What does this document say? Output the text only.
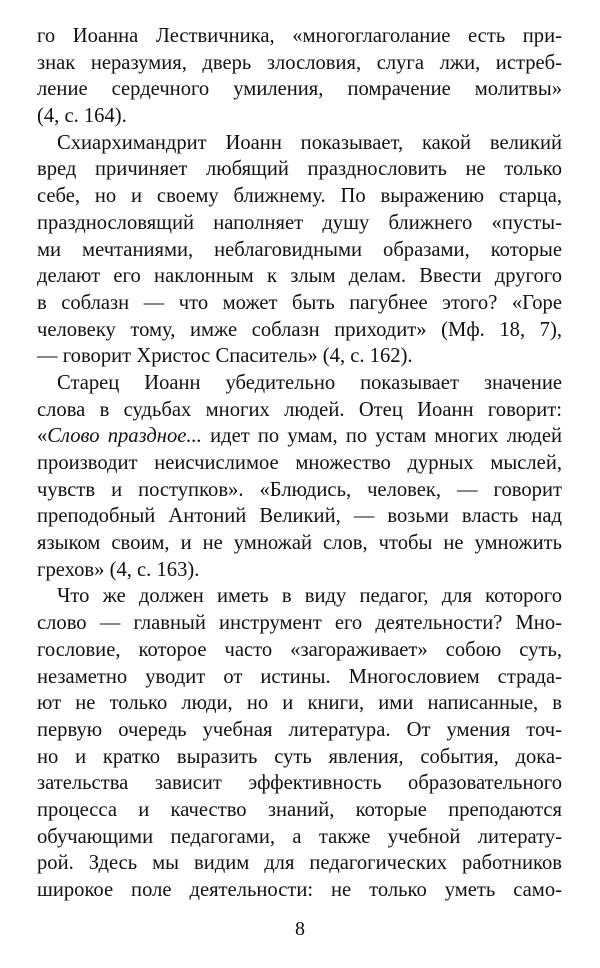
го Иоанна Лествичника, «многоглаголание есть при-
знак неразумия, дверь злословия, слуга лжи, истреб-
ление сердечного умиления, помрачение молитвы»
(4, с. 164).
Схиархимандрит Иоанн показывает, какой великий
вред причиняет любящий празднословить не только
себе, но и своему ближнему. По выражению старца,
празднословящий наполняет душу ближнего «пусты-
ми мечтаниями, неблаговидными образами, которые
делают его наклонным к злым делам. Ввести другого
в соблазн — что может быть пагубнее этого? «Горе
человеку тому, имже соблазн приходит» (Мф. 18, 7),
— говорит Христос Спаситель» (4, с. 162).
Старец Иоанн убедительно показывает значение
слова в судьбах многих людей. Отец Иоанн говорит:
«Слово праздное... идет по умам, по устам многих людей
производит неисчислимое множество дурных мыслей,
чувств и поступков». «Блюдись, человек, — говорит
преподобный Антоний Великий, — возьми власть над
языком своим, и не умножай слов, чтобы не умножить
грехов» (4, с. 163).
Что же должен иметь в виду педагог, для которого
слово — главный инструмент его деятельности? Мно-
гословие, которое часто «загораживает» собою суть,
незаметно уводит от истины. Многословием страда-
ют не только люди, но и книги, ими написанные, в
первую очередь учебная литература. От умения точ-
но и кратко выразить суть явления, события, дока-
зательства зависит эффективность образовательного
процесса и качество знаний, которые преподаются
обучающими педагогами, а также учебной литерату-
рой. Здесь мы видим для педагогических работников
широкое поле деятельности: не только уметь само-
8
